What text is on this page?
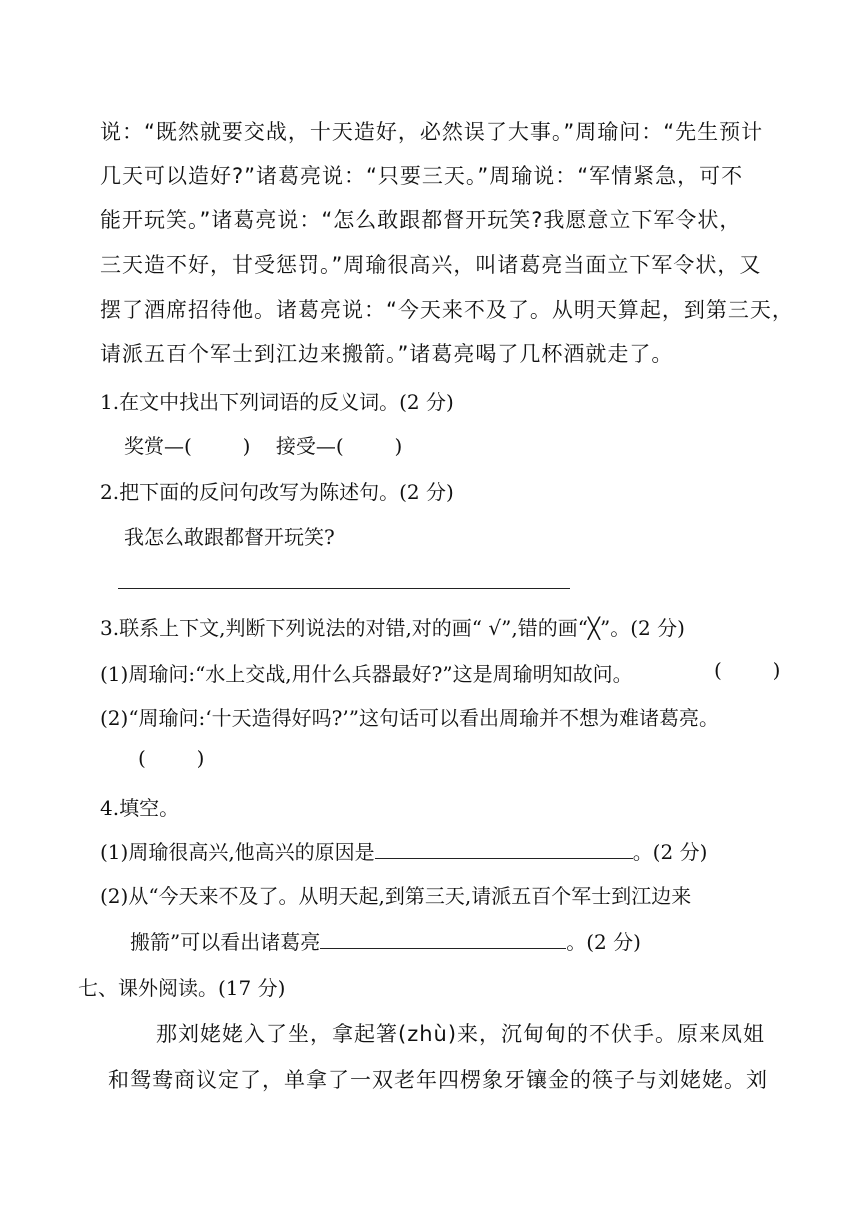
说：“既然就要交战，十天造好，必然误了大事。”周瑜问：“先生预计
几天可以造好?”诸葛亮说：“只要三天。”周瑜说：“军情紧急，可不
能开玩笑。”诸葛亮说：“怎么敢跟都督开玩笑?我愿意立下军令状，
三天造不好，甘受惩罚。”周瑜很高兴，叫诸葛亮当面立下军令状，又
摆了酒席招待他。诸葛亮说：“今天来不及了。从明天算起，到第三天，
请派五百个军士到江边来搬箭。”诸葛亮喝了几杯酒就走了。
1.在文中找出下列词语的反义词。(2 分)
奖赏—(        )    接受—(        )
2.把下面的反问句改写为陈述句。(2 分)
我怎么敢跟都督开玩笑?
3.联系上下文,判断下列说法的对错,对的画“ √”,错的画“╳”。(2 分)
(1)周瑜问:“水上交战,用什么兵器最好?”这是周瑜明知故问。	(        )
(2)“周瑜问:‘十天造得好吗?’”这句话可以看出周瑜并不想为难诸葛亮。
(        )
4.填空。
(1)周瑜很高兴,他高兴的原因是	。(2 分)
(2)从“今天来不及了。从明天起,到第三天,请派五百个军士到江边来
搬箭”可以看出诸葛亮	。(2 分)
七、课外阅读。(17 分)
那刘姥姥入了坐，拿起箸(zhù)来，沉甸甸的不伏手。原来凤姐
和鸳鸯商议定了，单拿了一双老年四楞象牙镶金的筷子与刘姥姥。刘
